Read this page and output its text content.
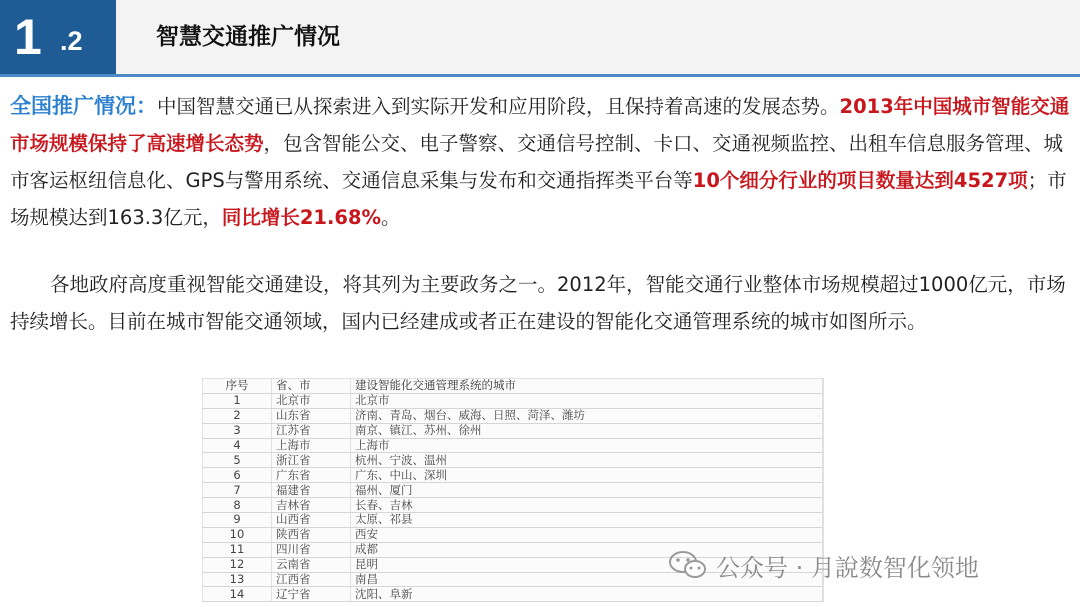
1 .2	智慧交通推广情况

全国推广情况：中国智慧交通已从探索进入到实际开发和应用阶段，且保持着高速的发展态势。2013年中国城市智能交通市场规模保持了高速增长态势，包含智能公交、电子警察、交通信号控制、卡口、交通视频监控、出租车信息服务管理、城市客运枢纽信息化、GPS与警用系统、交通信息采集与发布和交通指挥类平台等10个细分行业的项目数量达到4527项；市场规模达到163.3亿元，同比增长21.68%。

各地政府高度重视智能交通建设，将其列为主要政务之一。2012年，智能交通行业整体市场规模超过1000亿元，市场持续增长。目前在城市智能交通领域，国内已经建成或者正在建设的智能化交通管理系统的城市如图所示。

序号	省、市	建设智能化交通管理系统的城市
1	北京市	北京市
2	山东省	济南、青岛、烟台、威海、日照、菏泽、潍坊
3	江苏省	南京、镇江、苏州、徐州
4	上海市	上海市
5	浙江省	杭州、宁波、温州
6	广东省	广东、中山、深圳
7	福建省	福州、厦门
8	吉林省	长春、吉林
9	山西省	太原、祁县
10	陕西省	西安
11	四川省	成都
12	云南省	昆明
13	江西省	南昌
14	辽宁省	沈阳、阜新
公众号 · 月說数智化领地
